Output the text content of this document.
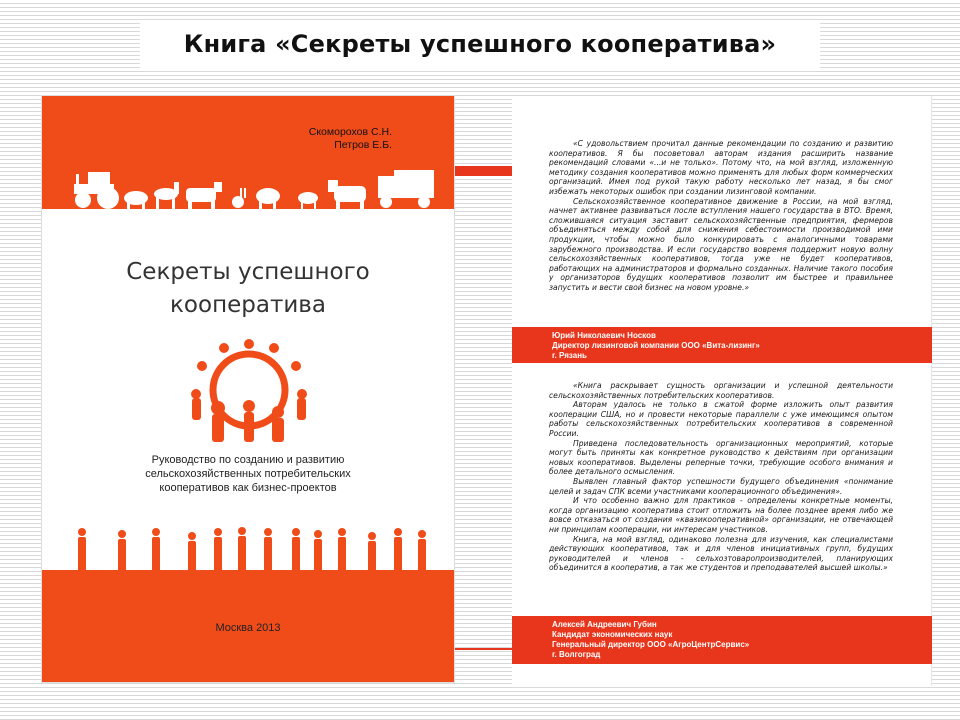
Книга «Секреты успешного кооператива»
Скоморохов С.Н.
Петров Е.Б.
Секреты успешного
кооператива
Руководство по созданию и развитию
сельскохозяйственных потребительских
кооперативов как бизнес-проектов
Москва 2013

«С удовольствием прочитал данные рекомендации по созданию и развитию кооперативов. Я бы посоветовал авторам издания расширить название рекомендаций словами «...и не только». Потому что, на мой взгляд, изложенную методику создания кооперативов можно применять для любых форм коммерческих организаций. Имея под рукой такую работу несколько лет назад, я бы смог избежать некоторых ошибок при создании лизинговой компании.

Сельскохозяйственное кооперативное движение в России, на мой взгляд, начнет активнее развиваться после вступления нашего государства в ВТО. Время, сложившаяся ситуация заставит сельскохозяйственные предприятия, фермеров объединяться между собой для снижения себестоимости производимой ими продукции, чтобы можно было конкурировать с аналогичными товарами зарубежного производства. И если государство вовремя поддержит новую волну сельскохозяйственных кооперативов, тогда уже не будет кооперативов, работающих на администраторов и формально созданных. Наличие такого пособия у организаторов будущих кооперативов позволит им быстрее и правильнее запустить и вести свой бизнес на новом уровне.»

Юрий Николаевич Носков
Директор лизинговой компании ООО «Вита-лизинг»
г. Рязань

«Книга раскрывает сущность организации и успешной деятельности сельскохозяйственных потребительских кооперативов.

Авторам удалось не только в сжатой форме изложить опыт развития кооперации США, но и провести некоторые параллели с уже имеющимся опытом работы сельскохозяйственных потребительских кооперативов в современной России.

Приведена последовательность организационных мероприятий, которые могут быть приняты как конкретное руководство к действиям при организации новых кооперативов. Выделены реперные точки, требующие особого внимания и более детального осмысления.

Выявлен главный фактор успешности будущего объединения «понимание целей и задач СПК всеми участниками кооперационного объединения».

И что особенно важно для практиков - определены конкретные моменты, когда организацию кооператива стоит отложить на более позднее время либо же вовсе отказаться от создания «квазикооперативной» организации, не отвечающей ни принципам кооперации, ни интересам участников.

Книга, на мой взгляд, одинаково полезна для изучения, как специалистами действующих кооперативов, так и для членов инициативных групп, будущих руководителей и членов - сельхозтоваропроизводителей, планирующих объединится в кооператив, а так же студентов и преподавателей высшей школы.»

Алексей Андреевич Губин
Кандидат экономических наук
Генеральный директор ООО «АгроЦентрСервис»
г. Волгоград
